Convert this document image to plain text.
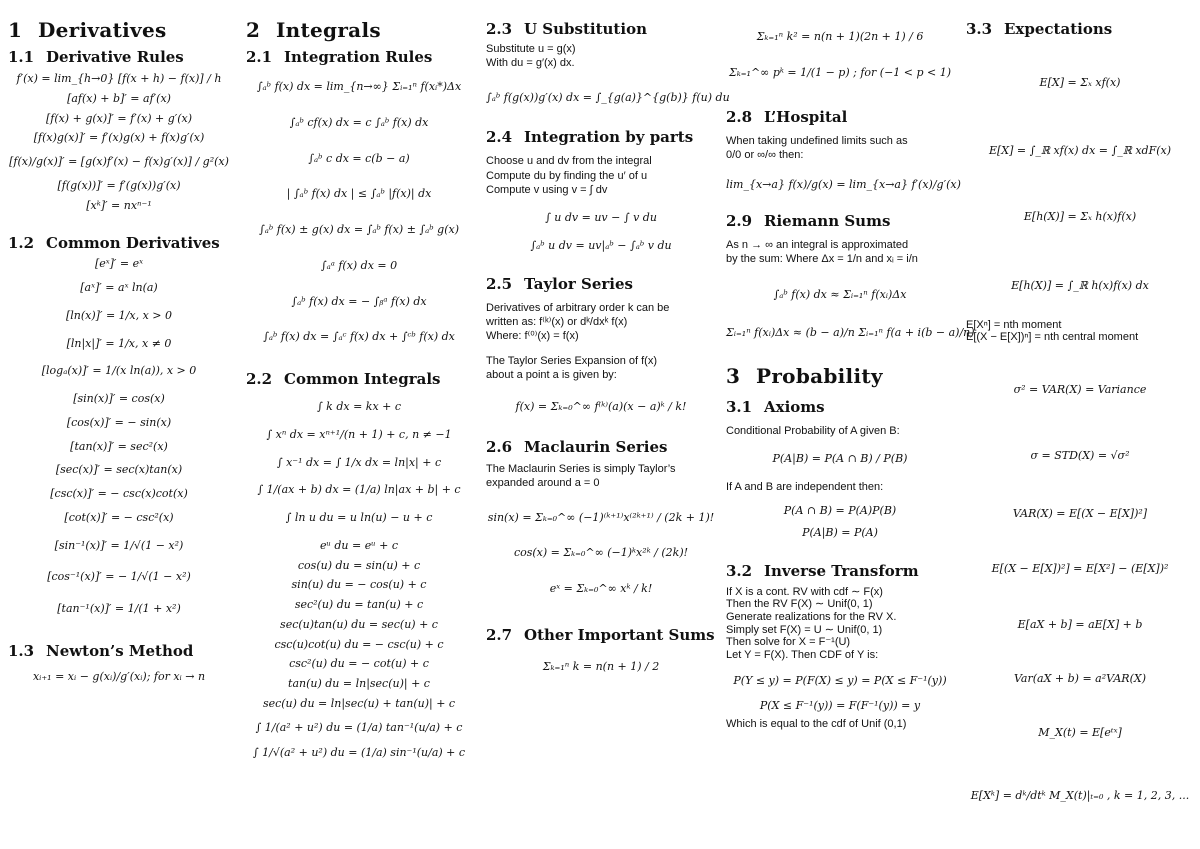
1 Derivatives
1.1 Derivative Rules

f′(x) = lim_{h→0} [f(x + h) − f(x)] / h

[af(x) + b]′ = af′(x)

[f(x) + g(x)]′ = f′(x) + g′(x)

[f(x)g(x)]′ = f′(x)g(x) + f(x)g′(x)

[f(x)/g(x)]′ = [g(x)f′(x) − f(x)g′(x)] / g²(x)

[f(g(x))]′ = f′(g(x))g′(x)

[xᵏ]′ = nxⁿ⁻¹

1.2 Common Derivatives

[eˣ]′ = eˣ

[aˣ]′ = aˣ ln(a)

[ln(x)]′ = 1/x, x > 0

[ln|x|]′ = 1/x, x ≠ 0

[logₐ(x)]′ = 1/(x ln(a)), x > 0

[sin(x)]′ = cos(x)

[cos(x)]′ = − sin(x)

[tan(x)]′ = sec²(x)

[sec(x)]′ = sec(x)tan(x)

[csc(x)]′ = − csc(x)cot(x)

[cot(x)]′ = − csc²(x)

[sin⁻¹(x)]′ = 1/√(1 − x²)

[cos⁻¹(x)]′ = − 1/√(1 − x²)

[tan⁻¹(x)]′ = 1/(1 + x²)

1.3 Newton’s Method

xᵢ₊₁ = xᵢ − g(xᵢ)/g′(xᵢ); for xᵢ → n

2 Integrals
2.1 Integration Rules

∫ₐᵇ f(x) dx = lim_{n→∞} Σᵢ₌₁ⁿ f(xᵢ*)Δx

∫ₐᵇ cf(x) dx = c ∫ₐᵇ f(x) dx

∫ₐᵇ c dx = c(b − a)

| ∫ₐᵇ f(x) dx | ≤ ∫ₐᵇ |f(x)| dx

∫ₐᵇ f(x) ± g(x) dx = ∫ₐᵇ f(x) ± ∫ₐᵇ g(x)

∫ₐᵃ f(x) dx = 0

∫ₐᵇ f(x) dx = − ∫ᵦᵃ f(x) dx

∫ₐᵇ f(x) dx = ∫ₐᶜ f(x) dx + ∫ᶜᵇ f(x) dx

2.2 Common Integrals

∫ k dx = kx + c

∫ xⁿ dx = xⁿ⁺¹/(n + 1) + c, n ≠ −1

∫ x⁻¹ dx = ∫ 1/x dx = ln|x| + c

∫ 1/(ax + b) dx = (1/a) ln|ax + b| + c

∫ ln u du = u ln(u) − u + c

eᵘ du = eᵘ + c

cos(u) du = sin(u) + c

sin(u) du = − cos(u) + c

sec²(u) du = tan(u) + c

sec(u)tan(u) du = sec(u) + c

csc(u)cot(u) du = − csc(u) + c

csc²(u) du = − cot(u) + c

tan(u) du = ln|sec(u)| + c

sec(u) du = ln|sec(u) + tan(u)| + c

∫ 1/(a² + u²) du = (1/a) tan⁻¹(u/a) + c

∫ 1/√(a² + u²) du = (1/a) sin⁻¹(u/a) + c

2.3 U Substitution

Substitute u = g(x)

With du = g′(x) dx.

∫ₐᵇ f(g(x))g′(x) dx = ∫_{g(a)}^{g(b)} f(u) du

2.4 Integration by parts

Choose u and dv from the integral

Compute du by finding the u′ of u

Compute v using v = ∫ dv

∫ u dv = uv − ∫ v du

∫ₐᵇ u dv = uv|ₐᵇ − ∫ₐᵇ v du

2.5 Taylor Series

Derivatives of arbitrary order k can be

written as: f⁽ᵏ⁾(x) or dᵏ/dxᵏ f(x)

Where: f⁽⁰⁾(x) = f(x)

The Taylor Series Expansion of f(x)

about a point a is given by:

f(x) = Σₖ₌₀^∞ f⁽ᵏ⁾(a)(x − a)ᵏ / k!

2.6 Maclaurin Series

The Maclaurin Series is simply Taylor’s

expanded around a = 0

sin(x) = Σₖ₌₀^∞ (−1)⁽ᵏ⁺¹⁾x⁽²ᵏ⁺¹⁾ / (2k + 1)!

cos(x) = Σₖ₌₀^∞ (−1)ᵏx²ᵏ / (2k)!

eˣ = Σₖ₌₀^∞ xᵏ / k!

2.7 Other Important Sums

Σₖ₌₁ⁿ k = n(n + 1) / 2

Σₖ₌₁ⁿ k² = n(n + 1)(2n + 1) / 6

Σₖ₌₁^∞ pᵏ = 1/(1 − p) ; for (−1 < p < 1)

2.8 L’Hospital

When taking undefined limits such as

0/0 or ∞/∞ then:

lim_{x→a} f(x)/g(x) = lim_{x→a} f′(x)/g′(x)

2.9 Riemann Sums

As n → ∞ an integral is approximated

by the sum: Where Δx = 1/n and xᵢ = i/n

∫ₐᵇ f(x) dx ≈ Σᵢ₌₁ⁿ f(xᵢ)Δx

Σᵢ₌₁ⁿ f(xᵢ)Δx ≈ (b − a)/n Σᵢ₌₁ⁿ f(a + i(b − a)/n)

3 Probability
3.1 Axioms

Conditional Probability of A given B:

P(A|B) = P(A ∩ B) / P(B)

If A and B are independent then:

P(A ∩ B) = P(A)P(B)

P(A|B) = P(A)

3.2 Inverse Transform

If X is a cont. RV with cdf ∼ F(x)

Then the RV F(X) ∼ Unif(0, 1)

Generate realizations for the RV X.

Simply set F(X) = U ∼ Unif(0, 1)

Then solve for X = F⁻¹(U)

Let Y = F(X). Then CDF of Y is:

P(Y ≤ y) = P(F(X) ≤ y) = P(X ≤ F⁻¹(y))

P(X ≤ F⁻¹(y)) = F(F⁻¹(y)) = y

Which is equal to the cdf of Unif (0,1)

3.3 Expectations

E[X] = Σₓ xf(x)

E[X] = ∫_ℝ xf(x) dx = ∫_ℝ xdF(x)

E[h(X)] = Σₓ h(x)f(x)

E[h(X)] = ∫_ℝ h(x)f(x) dx

E[Xⁿ] = nth moment

E[(X − E[X])ⁿ] = nth central moment

σ² = VAR(X) = Variance

σ = STD(X) = √σ²

VAR(X) = E[(X − E[X])²]

E[(X − E[X])²] = E[X²] − (E[X])²

E[aX + b] = aE[X] + b

Var(aX + b) = a²VAR(X)

M_X(t) = E[eᵗˣ]

E[Xᵏ] = dᵏ/dtᵏ M_X(t)|ₜ₌₀ , k = 1, 2, 3, ...
